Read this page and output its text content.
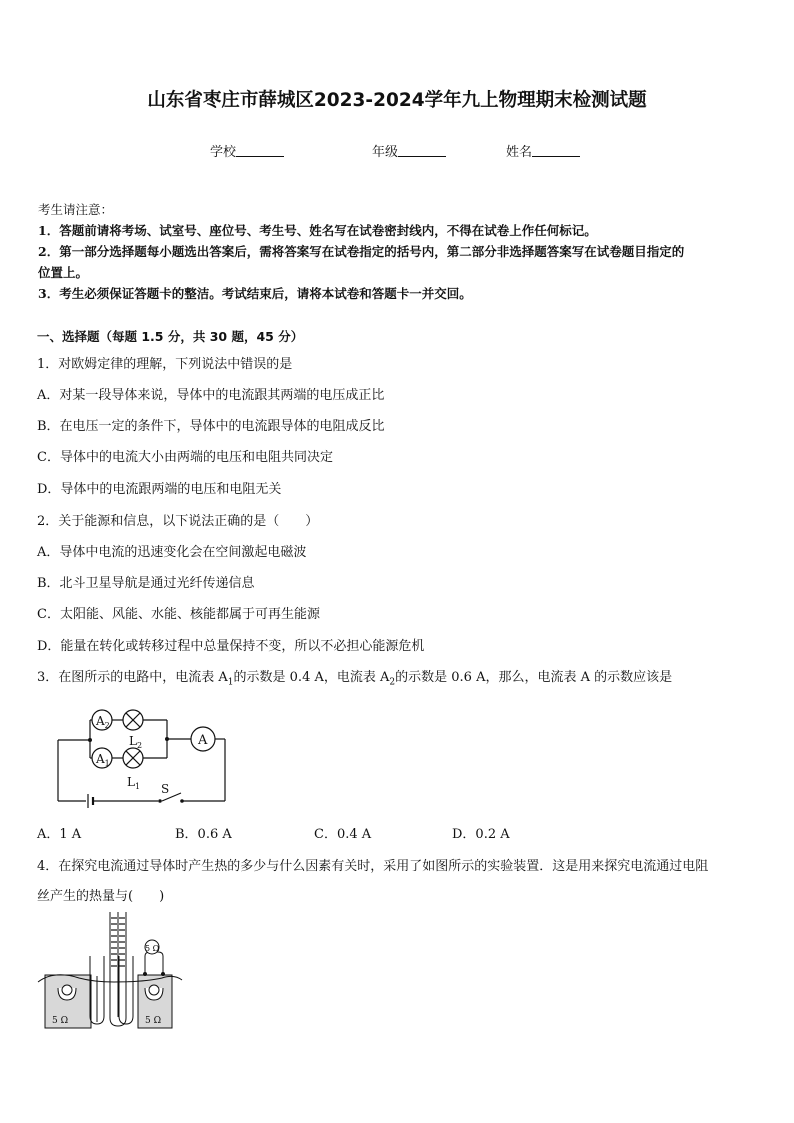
山东省枣庄市薛城区2023-2024学年九上物理期末检测试题
学校	年级	姓名
考生请注意：
1．答题前请将考场、试室号、座位号、考生号、姓名写在试卷密封线内，不得在试卷上作任何标记。
2．第一部分选择题每小题选出答案后，需将答案写在试卷指定的括号内，第二部分非选择题答案写在试卷题目指定的
位置上。
3．考生必须保证答题卡的整洁。考试结束后，请将本试卷和答题卡一并交回。
一、选择题（每题 1.5 分，共 30 题，45 分）
1．对欧姆定律的理解，下列说法中错误的是
A．对某一段导体来说，导体中的电流跟其两端的电压成正比
B．在电压一定的条件下，导体中的电流跟导体的电阻成反比
C．导体中的电流大小由两端的电压和电阻共同决定
D．导体中的电流跟两端的电压和电阻无关
2．关于能源和信息，以下说法正确的是（　　）
A．导体中电流的迅速变化会在空间激起电磁波
B．北斗卫星导航是通过光纤传递信息
C．太阳能、风能、水能、核能都属于可再生能源
D．能量在转化或转移过程中总量保持不变，所以不必担心能源危机
3．在图所示的电路中，电流表 $A_1$的示数是 0.4 A，电流表 $A_2$的示数是 0.6 A，那么，电流表 A 的示数应该是
$A_2$
$A_1$
A
$L_2$
$L_1$ S
A．1 A	B．0.6 A	C．0.4 A	D．0.2 A
4．在探究电流通过导体时产生热的多少与什么因素有关时，采用了如图所示的实验装置．这是用来探究电流通过电阻
丝产生的热量与(　　)
5 Ω
5 Ω	5 Ω
